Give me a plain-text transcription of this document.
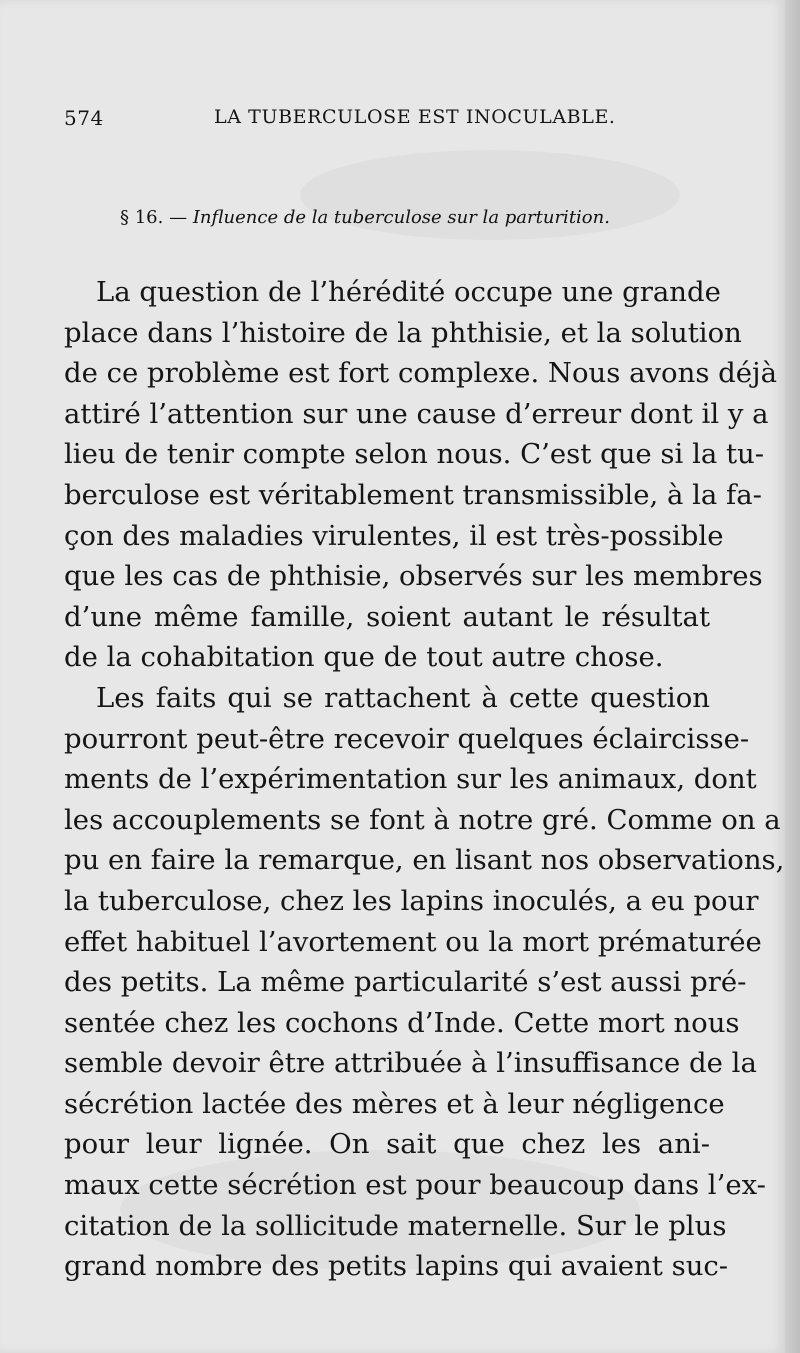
574	LA TUBERCULOSE EST INOCULABLE.
§ 16. — Influence de la tuberculose sur la parturition.
La question de l’hérédité occupe une grande
place dans l’histoire de la phthisie, et la solution
de ce problème est fort complexe. Nous avons déjà
attiré l’attention sur une cause d’erreur dont il y a
lieu de tenir compte selon nous. C’est que si la tu-
berculose est véritablement transmissible, à la fa-
çon des maladies virulentes, il est très-possible
que les cas de phthisie, observés sur les membres
d’une même famille, soient autant le résultat
de la cohabitation que de tout autre chose.
Les faits qui se rattachent à cette question
pourront peut-être recevoir quelques éclaircisse-
ments de l’expérimentation sur les animaux, dont
les accouplements se font à notre gré. Comme on a
pu en faire la remarque, en lisant nos observations,
la tuberculose, chez les lapins inoculés, a eu pour
effet habituel l’avortement ou la mort prématurée
des petits. La même particularité s’est aussi pré-
sentée chez les cochons d’Inde. Cette mort nous
semble devoir être attribuée à l’insuffisance de la
sécrétion lactée des mères et à leur négligence
pour leur lignée. On sait que chez les ani-
maux cette sécrétion est pour beaucoup dans l’ex-
citation de la sollicitude maternelle. Sur le plus
grand nombre des petits lapins qui avaient suc-
